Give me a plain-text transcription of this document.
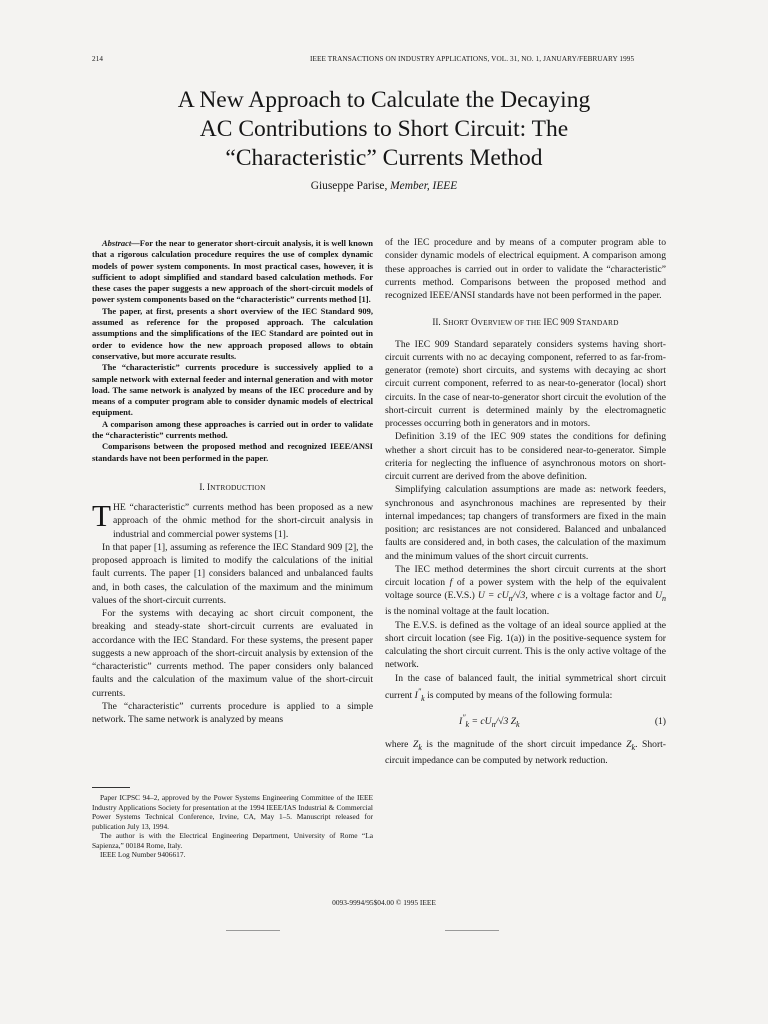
214	IEEE TRANSACTIONS ON INDUSTRY APPLICATIONS, VOL. 31, NO. 1, JANUARY/FEBRUARY 1995
A New Approach to Calculate the Decaying
AC Contributions to Short Circuit: The
“Characteristic” Currents Method
Giuseppe Parise, Member, IEEE

Abstract—For the near to generator short-circuit analysis, it is well known that a rigorous calculation procedure requires the use of complex dynamic models of power system components. In most practical cases, however, it is sufficient to adopt simplified and standard based calculation methods. For these cases the paper suggests a new approach of the short-circuit models of power system components based on the “characteristic” currents method [1].

The paper, at first, presents a short overview of the IEC Standard 909, assumed as reference for the proposed approach. The calculation assumptions and the simplifications of the IEC Standard are pointed out in order to evidence how the new approach proposed allows to obtain conservative, but more accurate results.

The “characteristic” currents procedure is successively applied to a sample network with external feeder and internal generation and with motor load. The same network is analyzed by means of the IEC procedure and by means of a computer program able to consider dynamic models of electrical equipment.

A comparison among these approaches is carried out in order to validate the “characteristic” currents method.

Comparisons between the proposed method and recognized IEEE/ANSI standards have not been performed in the paper.

I. INTRODUCTION

THE “characteristic” currents method has been proposed as a new approach of the ohmic method for the short-circuit analysis in industrial and commercial power systems [1].

In that paper [1], assuming as reference the IEC Standard 909 [2], the proposed approach is limited to modify the calculations of the initial fault currents. The paper [1] considers balanced and unbalanced faults and, in both cases, the calculation of the maximum and the minimum values of the short-circuit currents.

For the systems with decaying ac short circuit component, the breaking and steady-state short-circuit currents are evaluated in accordance with the IEC Standard. For these systems, the present paper suggests a new approach of the short-circuit analysis by extension of the “characteristic” currents method. The paper considers only balanced faults and the calculation of the maximum value of the short-circuit currents.

The “characteristic” currents procedure is applied to a simple network. The same network is analyzed by means

Paper ICPSC 94–2, approved by the Power Systems Engineering Committee of the IEEE Industry Applications Society for presentation at the 1994 IEEE/IAS Industrial & Commercial Power Systems Technical Conference, Irvine, CA, May 1–5. Manuscript released for publication July 13, 1994.

The author is with the Electrical Engineering Department, University of Rome “La Sapienza,” 00184 Rome, Italy.

IEEE Log Number 9406617.

of the IEC procedure and by means of a computer program able to consider dynamic models of electrical equipment. A comparison among these approaches is carried out in order to validate the “characteristic” currents method. Comparisons between the proposed method and recognized IEEE/ANSI standards have not been performed in the paper.

II. SHORT OVERVIEW OF THE IEC 909 STANDARD

The IEC 909 Standard separately considers systems having short-circuit currents with no ac decaying component, referred to as far-from-generator (remote) short circuits, and systems with decaying ac short circuit current component, referred to as near-to-generator (local) short circuits. In the case of near-to-generator short circuit the evolution of the short-circuit current is determined mainly by the electromagnetic processes occurring both in generators and in motors.

Definition 3.19 of the IEC 909 states the conditions for defining whether a short circuit has to be considered near-to-generator. Simple criteria for neglecting the influence of asynchronous motors on short-circuit current are derived from the above definition.

Simplifying calculation assumptions are made as: network feeders, synchronous and asynchronous machines are represented by their internal impedances; tap changers of transformers are fixed in the main position; arc resistances are not considered. Balanced and unbalanced faults are considered and, in both cases, the calculation of the maximum and the minimum values of the short circuit currents.

The IEC method determines the short circuit currents at the short circuit location f of a power system with the help of the equivalent voltage source (E.V.S.) $U = cU_n/√3$, where c is a voltage factor and $U_n$ is the nominal voltage at the fault location.

The E.V.S. is defined as the voltage of an ideal source applied at the short circuit location (see Fig. 1(a)) in the positive-sequence system for calculating the short circuit current. This is the only active voltage of the network.

In the case of balanced fault, the initial symmetrical short circuit current $I''_k$ is computed by means of the following formula:

$I''_k = cU_n/√3$ $Z_k$	(1)

where $Z_k$ is the magnitude of the short circuit impedance $Z_k$. Short-circuit impedance can be computed by network reduction.

0093-9994/95$04.00 © 1995 IEEE
